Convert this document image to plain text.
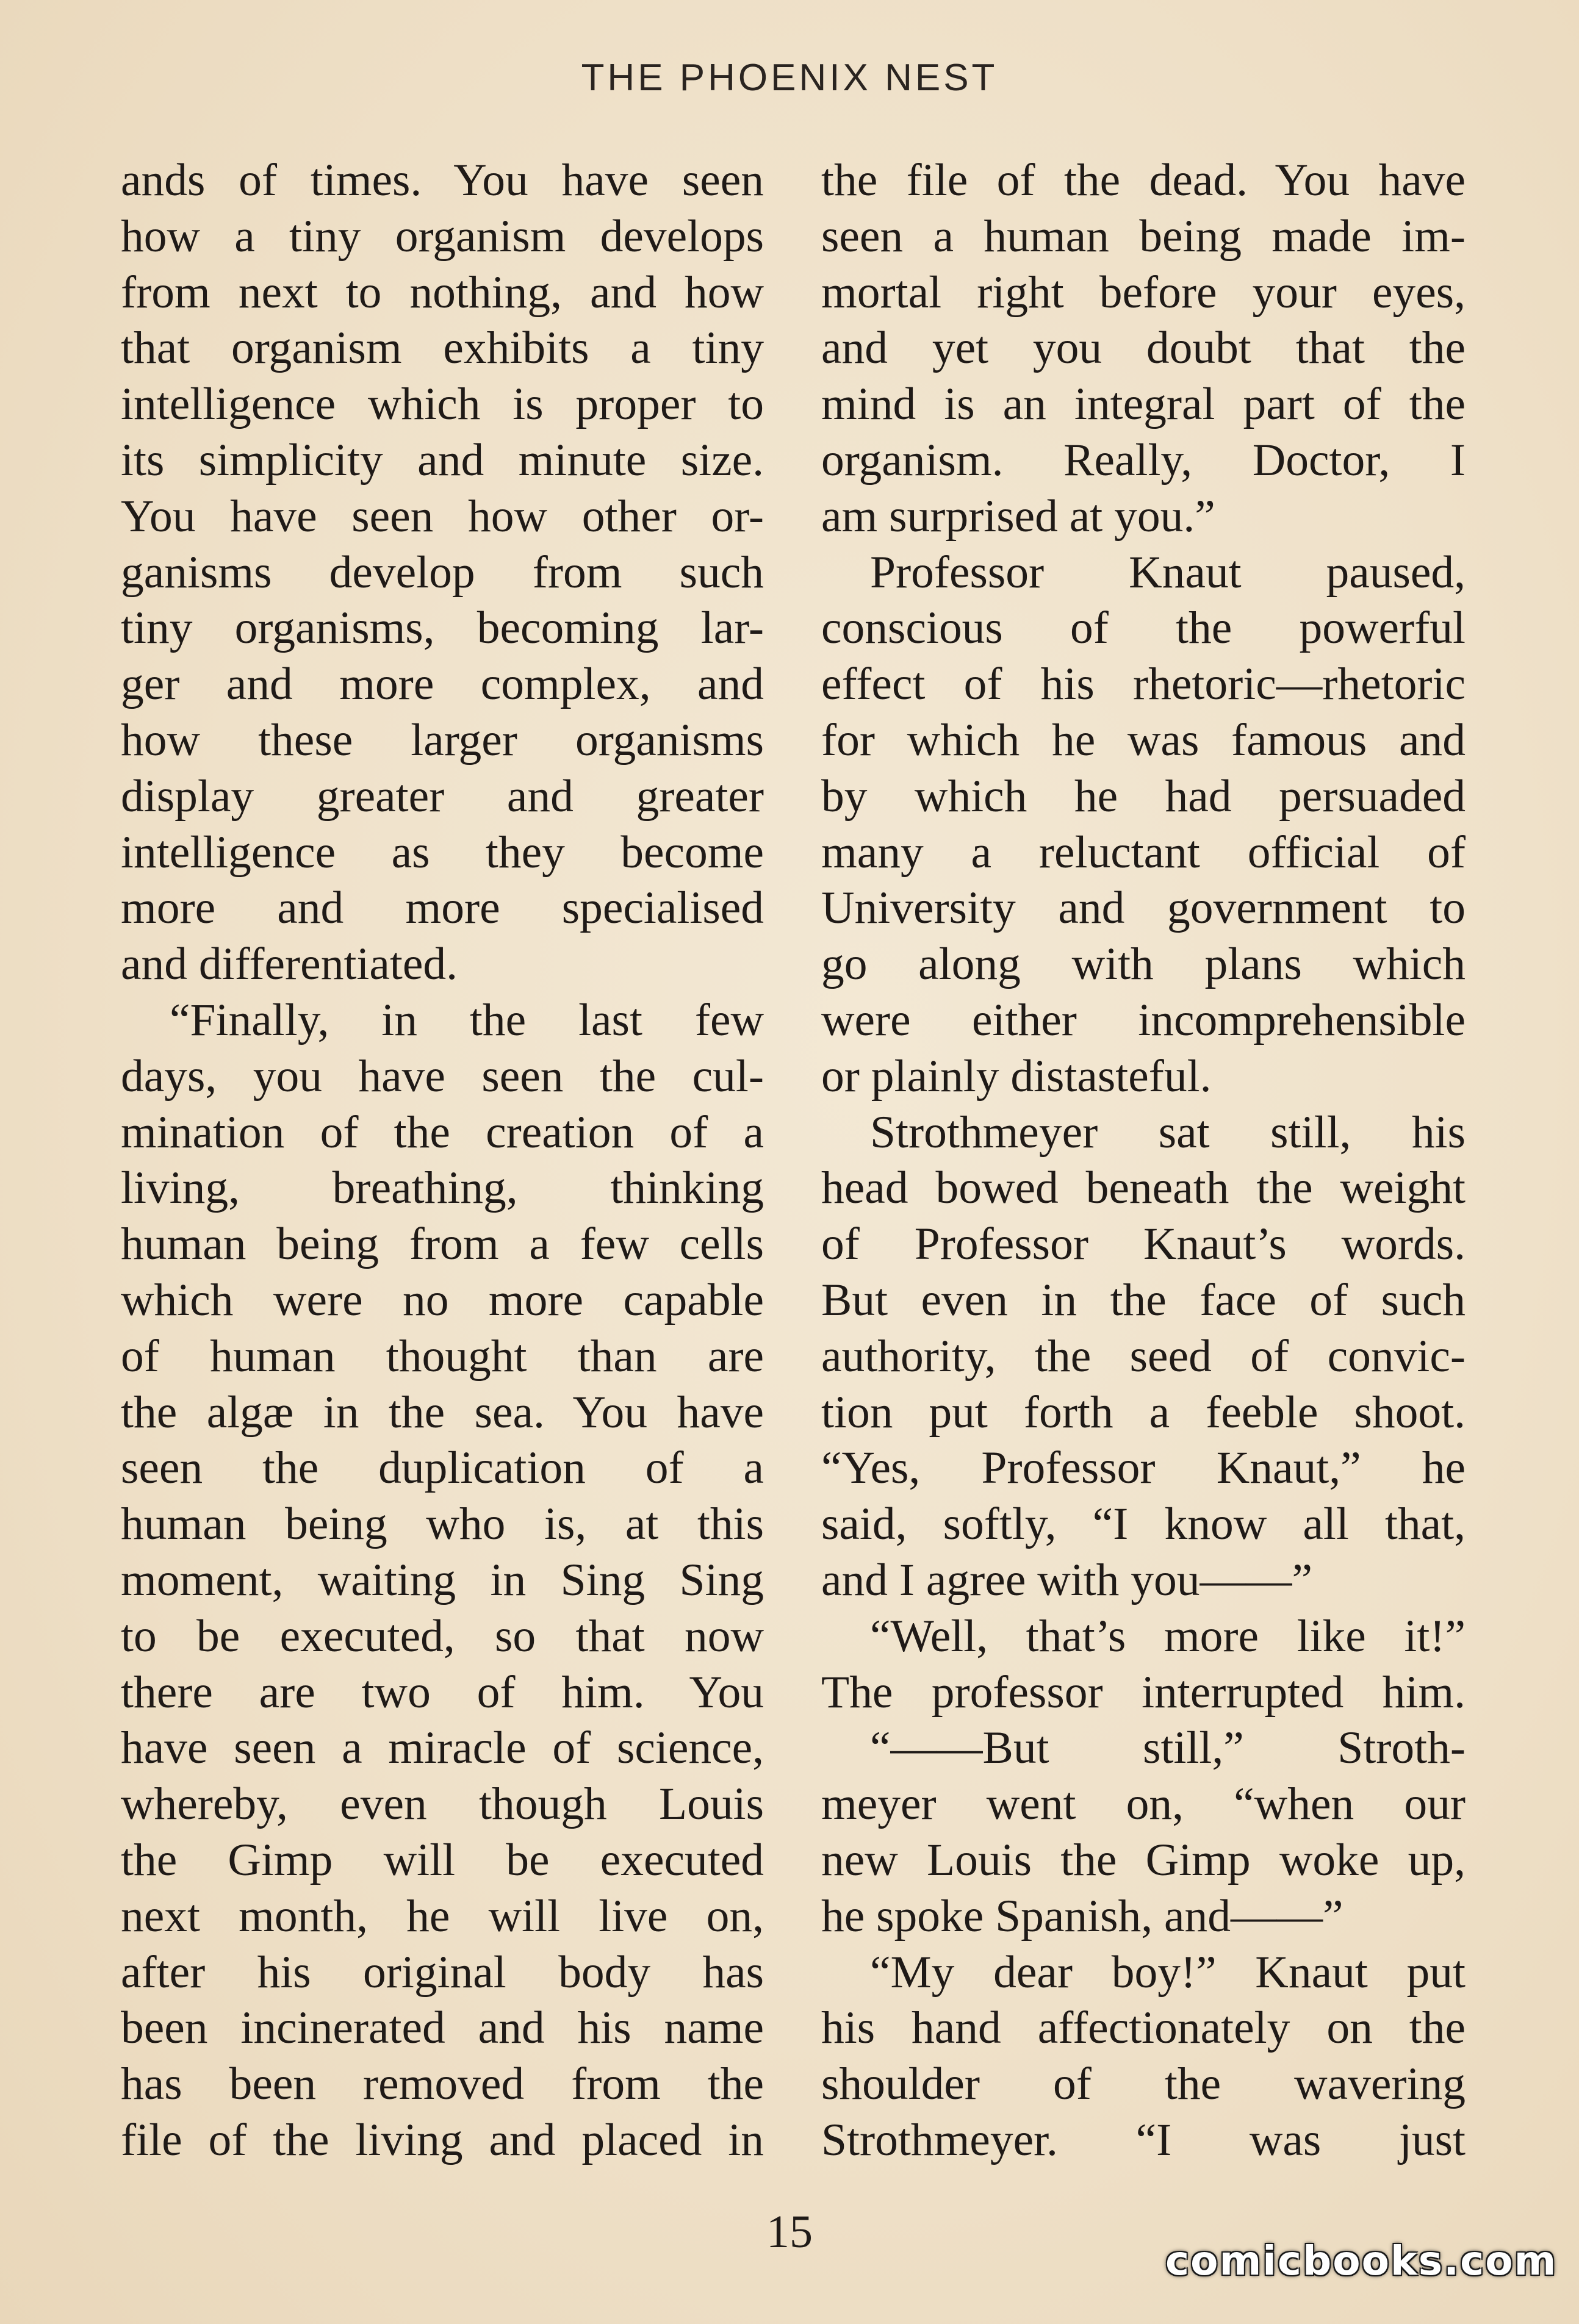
THE PHOENIX NEST
ands of times. You have seen
how a tiny organism develops
from next to nothing, and how
that organism exhibits a tiny
intelligence which is proper to
its simplicity and minute size.
You have seen how other or-
ganisms develop from such
tiny organisms, becoming lar-
ger and more complex, and
how these larger organisms
display greater and greater
intelligence as they become
more and more specialised
and differentiated.
“Finally, in the last few
days, you have seen the cul-
mination of the creation of a
living, breathing, thinking
human being from a few cells
which were no more capable
of human thought than are
the algæ in the sea. You have
seen the duplication of a
human being who is, at this
moment, waiting in Sing Sing
to be executed, so that now
there are two of him. You
have seen a miracle of science,
whereby, even though Louis
the Gimp will be executed
next month, he will live on,
after his original body has
been incinerated and his name
has been removed from the
file of the living and placed in
the file of the dead. You have
seen a human being made im-
mortal right before your eyes,
and yet you doubt that the
mind is an integral part of the
organism. Really, Doctor, I
am surprised at you.”
Professor Knaut paused,
conscious of the powerful
effect of his rhetoric—rhetoric
for which he was famous and
by which he had persuaded
many a reluctant official of
University and government to
go along with plans which
were either incomprehensible
or plainly distasteful.
Strothmeyer sat still, his
head bowed beneath the weight
of Professor Knaut’s words.
But even in the face of such
authority, the seed of convic-
tion put forth a feeble shoot.
“Yes, Professor Knaut,” he
said, softly, “I know all that,
and I agree with you——”
“Well, that’s more like it!”
The professor interrupted him.
“——But still,” Stroth-
meyer went on, “when our
new Louis the Gimp woke up,
he spoke Spanish, and——”
“My dear boy!” Knaut put
his hand affectionately on the
shoulder of the wavering
Strothmeyer. “I was just
15
comicbooks.com
